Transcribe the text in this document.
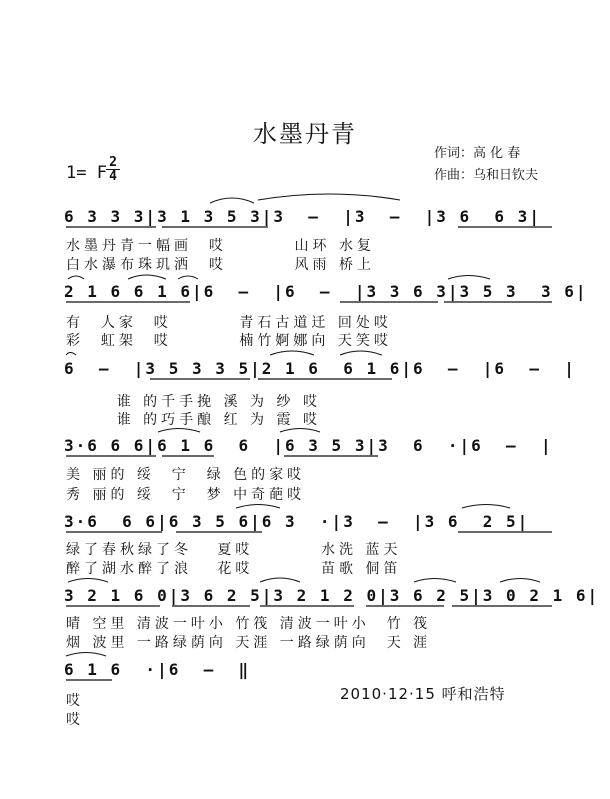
水墨丹青
作词：高 化 春
作曲：乌和日钦夫
1= F
2
4
6 3 3 3|3 1 3 5 3|3  –  |3  –  |3 6  6 3|
水墨丹青一幅画  哎        山环 水复
白水瀑布珠玑洒  哎        风雨 桥上
2 1 6 6 1 6|6  –  |6  –  |3 3 6 3|3 5 3  3 6|
有  人家  哎        青石古道迁 回处哎
彩  虹架  哎        楠竹婀娜向 天笑哎
6  –  |3 5 3 3 5|2 1 6  6 1 6|6  –  |6  –  |
谁 的千手挽 溪 为 纱 哎
谁 的巧手酿 红 为 霞 哎
3·6 6 6|6 1 6  6  |6 3 5 3|3  6  ·|6  –  |
美 丽的 绥  宁  绿 色的家哎
秀 丽的 绥  宁  梦 中奇葩哎
3·6  6 6|6 3 5 6|6 3  ·|3  –  |3 6  2 5|
绿了春秋绿了冬   夏哎        水洗 蓝天
醉了湖水醉了浪   花哎        苗歌 侗笛
3 2 1 6 0|3 6 2 5|3 2 1 2 0|3 6 2 5|3 0 2 1 6|
晴 空里 清波一叶小 竹筏 清波一叶小  竹 筏
烟 波里 一路绿荫向 天涯 一路绿荫向  天 涯
6 1 6  ·|6  –  ‖
哎
哎
2010·12·15 呼和浩特
